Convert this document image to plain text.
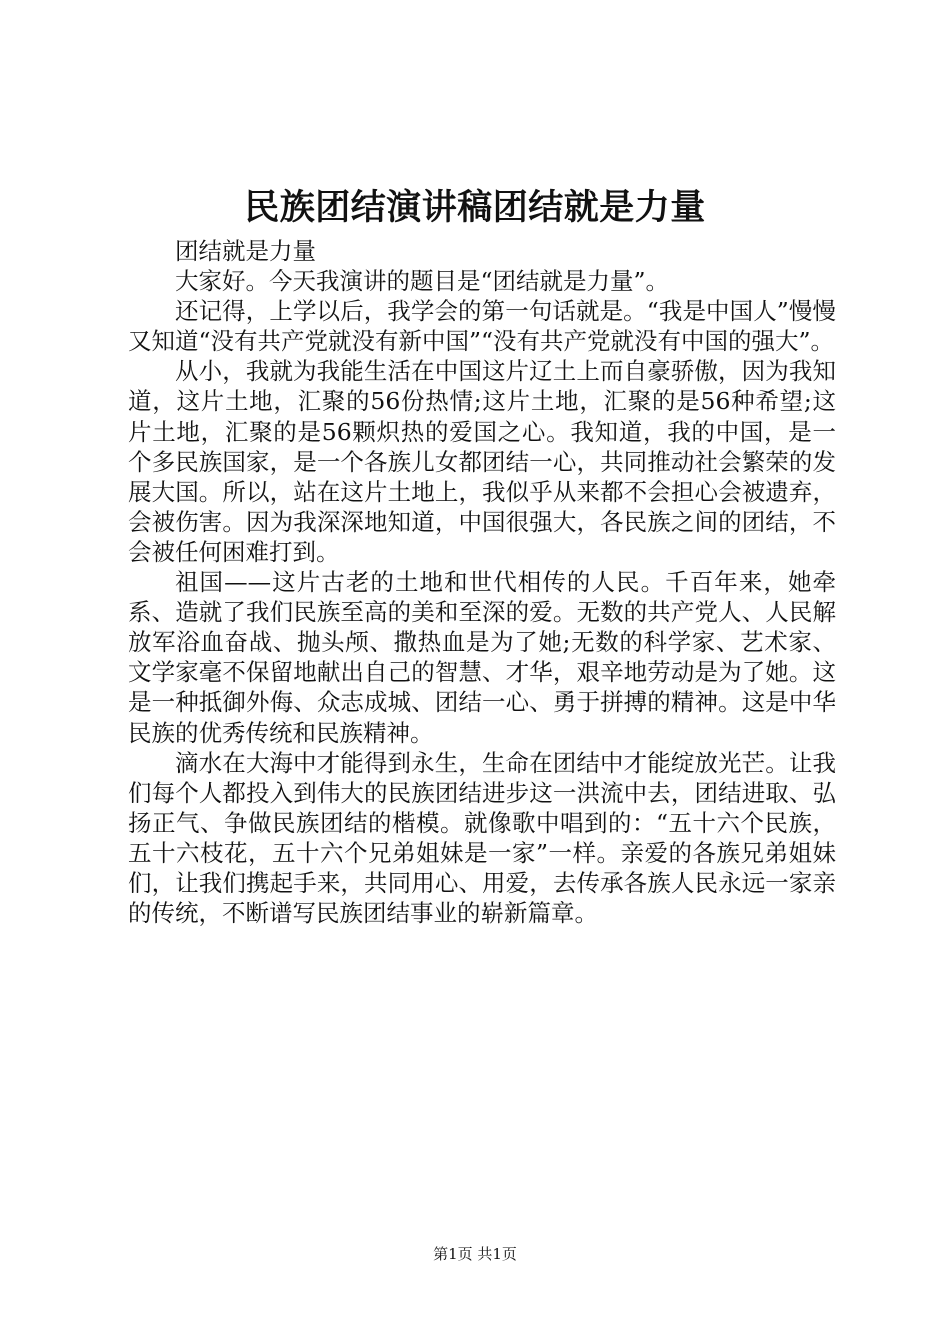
民族团结演讲稿团结就是力量

团结就是力量

大家好。今天我演讲的题目是“团结就是力量”。

还记得，上学以后，我学会的第一句话就是。“我是中国人”慢慢又知道“没有共产党就没有新中国”“没有共产党就没有中国的强大”。

从小，我就为我能生活在中国这片辽土上而自豪骄傲，因为我知道，这片土地，汇聚的56份热情;这片土地，汇聚的是56种希望;这片土地，汇聚的是56颗炽热的爱国之心。我知道，我的中国，是一个多民族国家，是一个各族儿女都团结一心，共同推动社会繁荣的发展大国。所以，站在这片土地上，我似乎从来都不会担心会被遗弃，会被伤害。因为我深深地知道，中国很强大，各民族之间的团结，不会被任何困难打到。

祖国——这片古老的土地和世代相传的人民。千百年来，她牵系、造就了我们民族至高的美和至深的爱。无数的共产党人、人民解放军浴血奋战、抛头颅、撒热血是为了她;无数的科学家、艺术家、文学家毫不保留地献出自己的智慧、才华，艰辛地劳动是为了她。这是一种抵御外侮、众志成城、团结一心、勇于拼搏的精神。这是中华民族的优秀传统和民族精神。

滴水在大海中才能得到永生，生命在团结中才能绽放光芒。让我们每个人都投入到伟大的民族团结进步这一洪流中去，团结进取、弘扬正气、争做民族团结的楷模。就像歌中唱到的：“五十六个民族，五十六枝花，五十六个兄弟姐妹是一家”一样。亲爱的各族兄弟姐妹们，让我们携起手来，共同用心、用爱，去传承各族人民永远一家亲的传统，不断谱写民族团结事业的崭新篇章。

第1页 共1页
